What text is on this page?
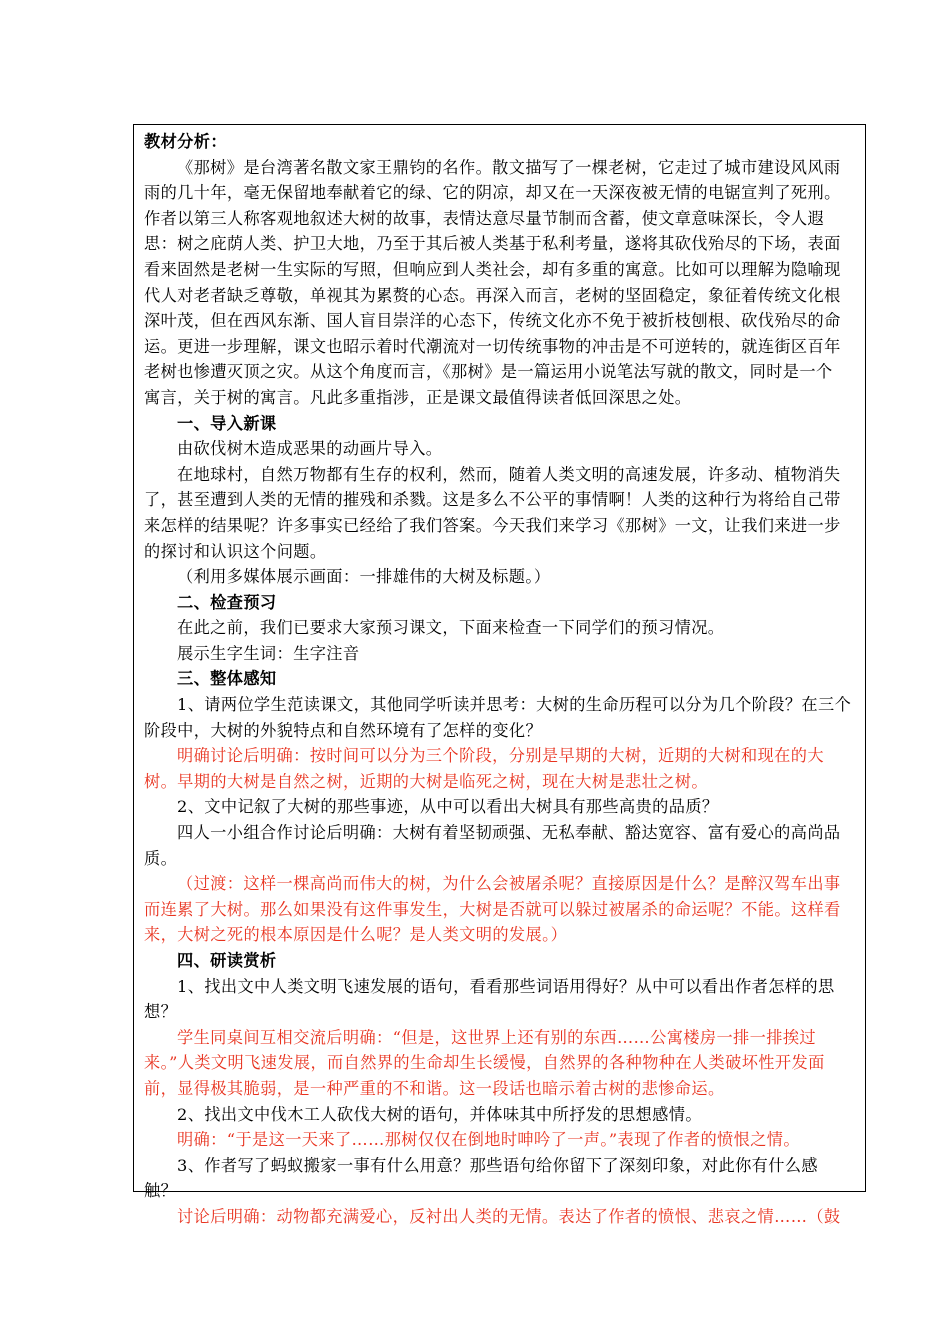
教材分析：
《那树》是台湾著名散文家王鼎钧的名作。散文描写了一棵老树，它走过了城市建设风风雨
雨的几十年，毫无保留地奉献着它的绿、它的阴凉，却又在一天深夜被无情的电锯宣判了死刑。
作者以第三人称客观地叙述大树的故事，表情达意尽量节制而含蓄，使文章意味深长，令人遐
思：树之庇荫人类、护卫大地，乃至于其后被人类基于私利考量，遂将其砍伐殆尽的下场，表面
看来固然是老树一生实际的写照，但响应到人类社会，却有多重的寓意。比如可以理解为隐喻现
代人对老者缺乏尊敬，单视其为累赘的心态。再深入而言，老树的坚固稳定，象征着传统文化根
深叶茂，但在西风东渐、国人盲目崇洋的心态下，传统文化亦不免于被折枝刨根、砍伐殆尽的命
运。更进一步理解，课文也昭示着时代潮流对一切传统事物的冲击是不可逆转的，就连街区百年
老树也惨遭灭顶之灾。从这个角度而言，《那树》是一篇运用小说笔法写就的散文，同时是一个
寓言，关于树的寓言。凡此多重指涉，正是课文最值得读者低回深思之处。
一、导入新课
由砍伐树木造成恶果的动画片导入。
在地球村，自然万物都有生存的权利，然而，随着人类文明的高速发展，许多动、植物消失
了，甚至遭到人类的无情的摧残和杀戮。这是多么不公平的事情啊！人类的这种行为将给自己带
来怎样的结果呢？许多事实已经给了我们答案。今天我们来学习《那树》一文，让我们来进一步
的探讨和认识这个问题。
（利用多媒体展示画面：一排雄伟的大树及标题。）
二、检查预习
在此之前，我们已要求大家预习课文，下面来检查一下同学们的预习情况。
展示生字生词：生字注音
三、整体感知
1、请两位学生范读课文，其他同学听读并思考：大树的生命历程可以分为几个阶段？在三个
阶段中，大树的外貌特点和自然环境有了怎样的变化？
明确讨论后明确：按时间可以分为三个阶段，分别是早期的大树，近期的大树和现在的大
树。早期的大树是自然之树，近期的大树是临死之树，现在大树是悲壮之树。
2、文中记叙了大树的那些事迹，从中可以看出大树具有那些高贵的品质？
四人一小组合作讨论后明确：大树有着坚韧顽强、无私奉献、豁达宽容、富有爱心的高尚品
质。
（过渡：这样一棵高尚而伟大的树，为什么会被屠杀呢？直接原因是什么？是醉汉驾车出事
而连累了大树。那么如果没有这件事发生，大树是否就可以躲过被屠杀的命运呢？不能。这样看
来，大树之死的根本原因是什么呢？是人类文明的发展。）
四、研读赏析
1、找出文中人类文明飞速发展的语句，看看那些词语用得好？从中可以看出作者怎样的思
想？
学生同桌间互相交流后明确：“但是，这世界上还有别的东西……公寓楼房一排一排挨过
来。”人类文明飞速发展，而自然界的生命却生长缓慢，自然界的各种物种在人类破坏性开发面
前，显得极其脆弱，是一种严重的不和谐。这一段话也暗示着古树的悲惨命运。
2、找出文中伐木工人砍伐大树的语句，并体味其中所抒发的思想感情。
明确：“于是这一天来了……那树仅仅在倒地时呻吟了一声。”表现了作者的愤恨之情。
3、作者写了蚂蚁搬家一事有什么用意？那些语句给你留下了深刻印象，对此你有什么感
触？
讨论后明确：动物都充满爱心，反衬出人类的无情。表达了作者的愤恨、悲哀之情……（鼓
